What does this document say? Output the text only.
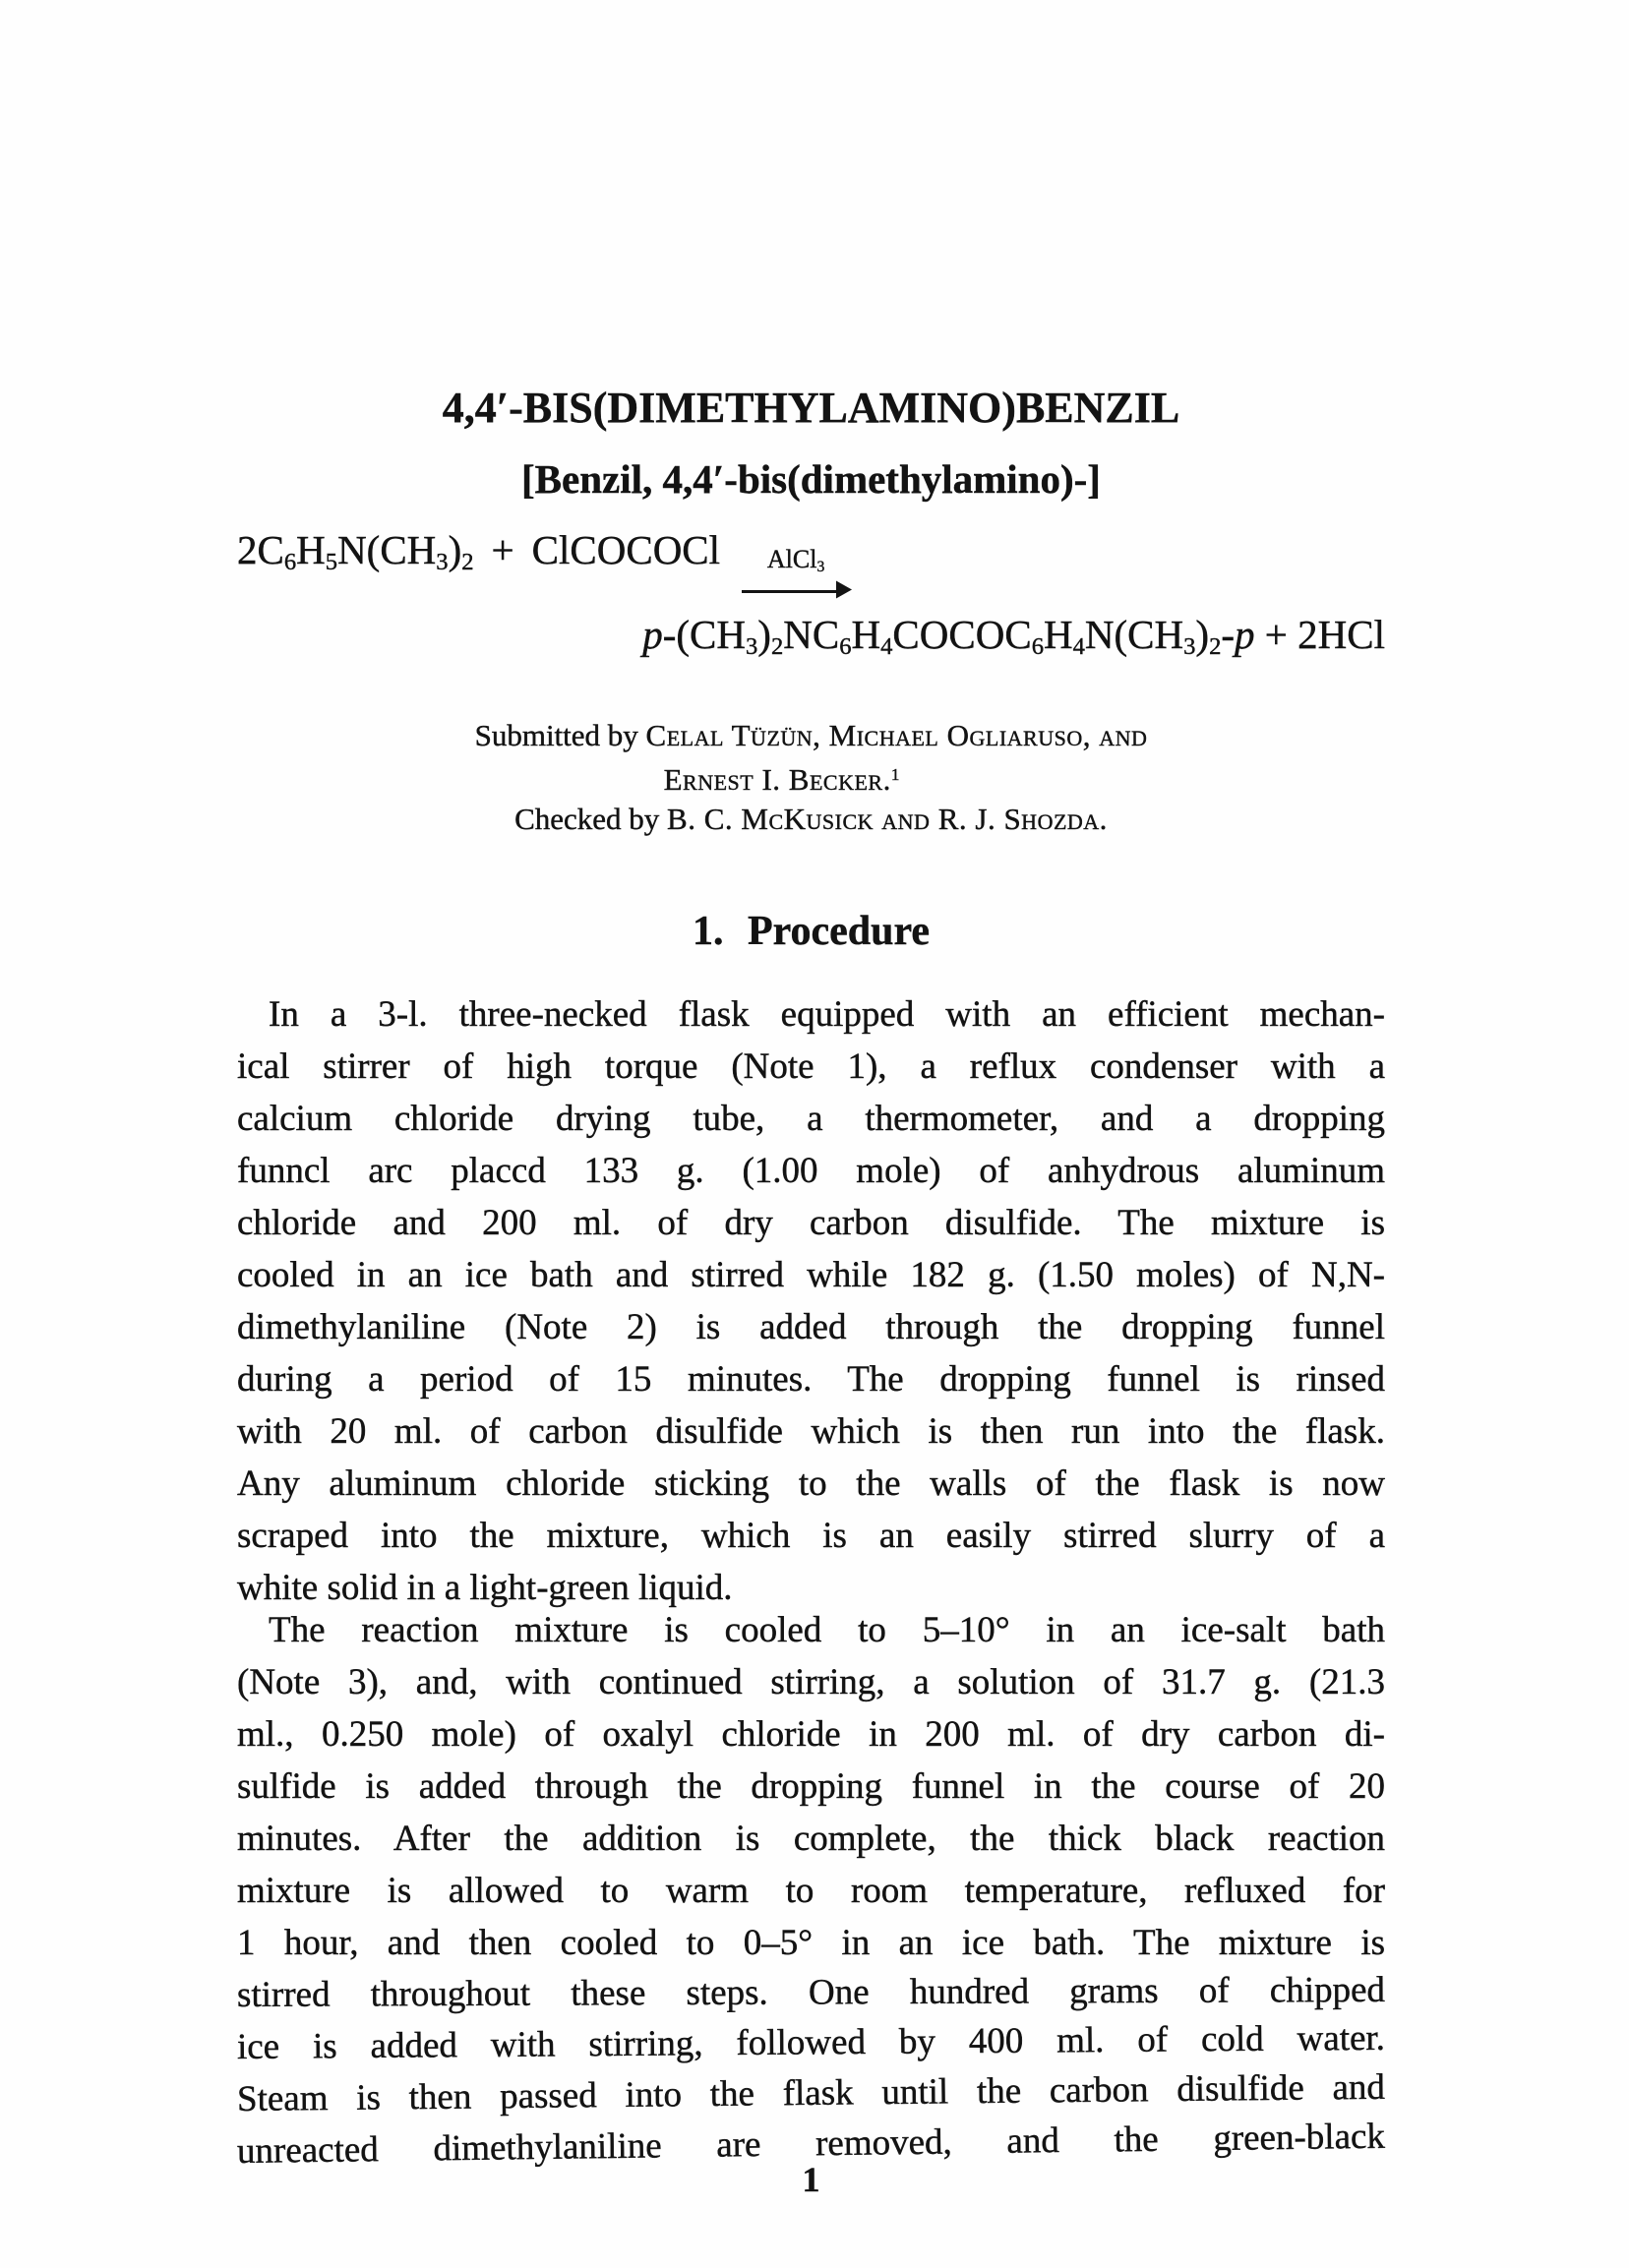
4,4′-BIS(DIMETHYLAMINO)BENZIL
[Benzil, 4,4′-bis(dimethylamino)-]
$2C_6H_5N(CH_3)_2$ + ClCOCOCl	AlCl$_3$
$p-(CH_3)_2NC_6H_4COCOC_6H_4N(CH_3)_2-p + 2HCl$
Submitted by Celal Tüzün, Michael Ogliaruso, and
Ernest I. Becker.$^1$
Checked by B. C. McKusick and R. J. Shozda.
1. Procedure
In a 3-l. three-necked flask equipped with an efficient mechan-
ical stirrer of high torque (Note 1), a reflux condenser with a
calcium chloride drying tube, a thermometer, and a dropping
funncl arc placcd 133 g. (1.00 mole) of anhydrous aluminum
chloride and 200 ml. of dry carbon disulfide. The mixture is
cooled in an ice bath and stirred while 182 g. (1.50 moles) of N,N-
dimethylaniline (Note 2) is added through the dropping funnel
during a period of 15 minutes. The dropping funnel is rinsed
with 20 ml. of carbon disulfide which is then run into the flask.
Any aluminum chloride sticking to the walls of the flask is now
scraped into the mixture, which is an easily stirred slurry of a
white solid in a light-green liquid.
The reaction mixture is cooled to 5–10° in an ice-salt bath
(Note 3), and, with continued stirring, a solution of 31.7 g. (21.3
ml., 0.250 mole) of oxalyl chloride in 200 ml. of dry carbon di-
sulfide is added through the dropping funnel in the course of 20
minutes. After the addition is complete, the thick black reaction
mixture is allowed to warm to room temperature, refluxed for
1 hour, and then cooled to 0–5° in an ice bath. The mixture is
stirred throughout these steps. One hundred grams of chipped
ice is added with stirring, followed by 400 ml. of cold water.
Steam is then passed into the flask until the carbon disulfide and
unreacted dimethylaniline are removed, and the green-black
1
